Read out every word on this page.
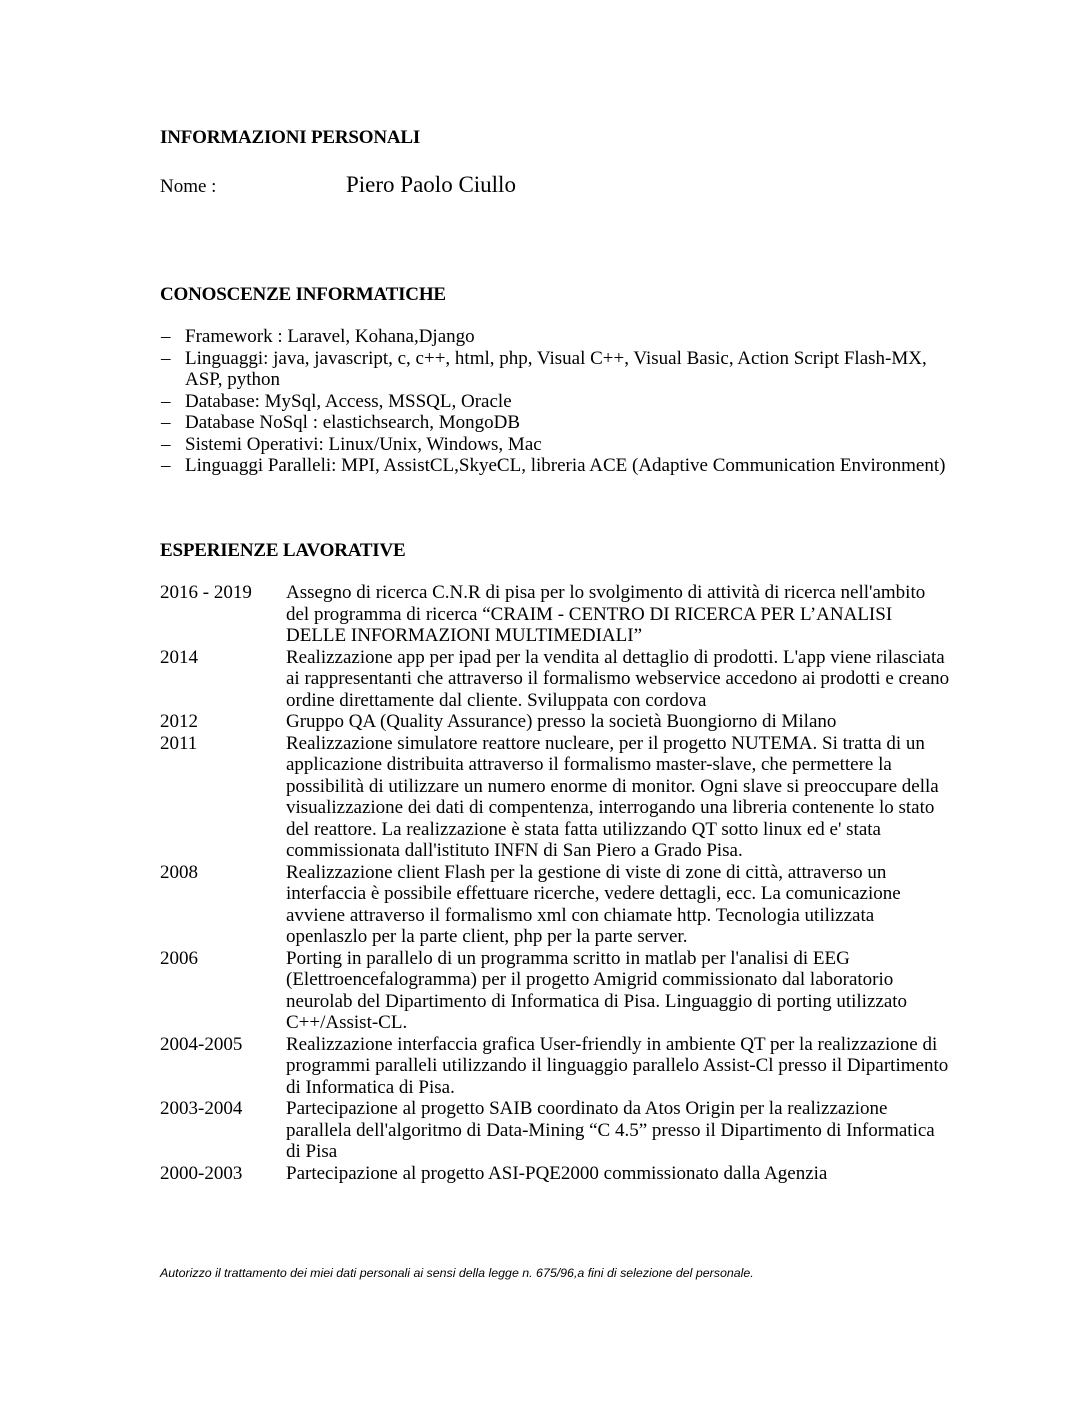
INFORMAZIONI PERSONALI
Nome :	Piero Paolo Ciullo
CONOSCENZE INFORMATICHE
– Framework : Laravel, Kohana,Django
– Linguaggi: java, javascript, c, c++, html, php, Visual C++, Visual Basic, Action Script Flash-MX, ASP, python
– Database: MySql, Access, MSSQL, Oracle
– Database NoSql : elastichsearch, MongoDB
– Sistemi Operativi: Linux/Unix, Windows, Mac
– Linguaggi Paralleli: MPI, AssistCL,SkyeCL, libreria ACE (Adaptive Communication Environment)
ESPERIENZE LAVORATIVE
2016 - 2019	Assegno di ricerca C.N.R di pisa per lo svolgimento di attività di ricerca nell'ambito del programma di ricerca “CRAIM - CENTRO DI RICERCA PER L’ANALISI DELLE INFORMAZIONI MULTIMEDIALI”
2014	Realizzazione app per ipad per la vendita al dettaglio di prodotti. L'app viene rilasciata ai rappresentanti che attraverso il formalismo webservice accedono ai prodotti e creano ordine direttamente dal cliente. Sviluppata con cordova
2012	Gruppo QA (Quality Assurance) presso la società Buongiorno di Milano
2011	Realizzazione simulatore reattore nucleare, per il progetto NUTEMA. Si tratta di un applicazione distribuita attraverso il formalismo master-slave, che permettere la possibilità di utilizzare un numero enorme di monitor. Ogni slave si preoccupare della visualizzazione dei dati di compentenza, interrogando una libreria contenente lo stato del reattore. La realizzazione è stata fatta utilizzando QT sotto linux ed e' stata commissionata dall'istituto INFN di San Piero a Grado Pisa.
2008	Realizzazione client Flash per la gestione di viste di zone di città, attraverso un interfaccia è possibile effettuare ricerche, vedere dettagli, ecc. La comunicazione avviene attraverso il formalismo xml con chiamate http. Tecnologia utilizzata openlaszlo per la parte client, php per la parte server.
2006	Porting in parallelo di un programma scritto in matlab per l'analisi di EEG (Elettroencefalogramma) per il progetto Amigrid commissionato dal laboratorio neurolab del Dipartimento di Informatica di Pisa. Linguaggio di porting utilizzato C++/Assist-CL.
2004-2005	Realizzazione interfaccia grafica User-friendly in ambiente QT per la realizzazione di programmi paralleli utilizzando il linguaggio parallelo Assist-Cl presso il Dipartimento di Informatica di Pisa.
2003-2004	Partecipazione al progetto SAIB coordinato da Atos Origin per la realizzazione parallela dell'algoritmo di Data-Mining “C 4.5” presso il Dipartimento di Informatica di Pisa
2000-2003	Partecipazione al progetto ASI-PQE2000 commissionato dalla Agenzia
Autorizzo il trattamento dei miei dati personali ai sensi della legge n. 675/96,a fini di selezione del personale.
